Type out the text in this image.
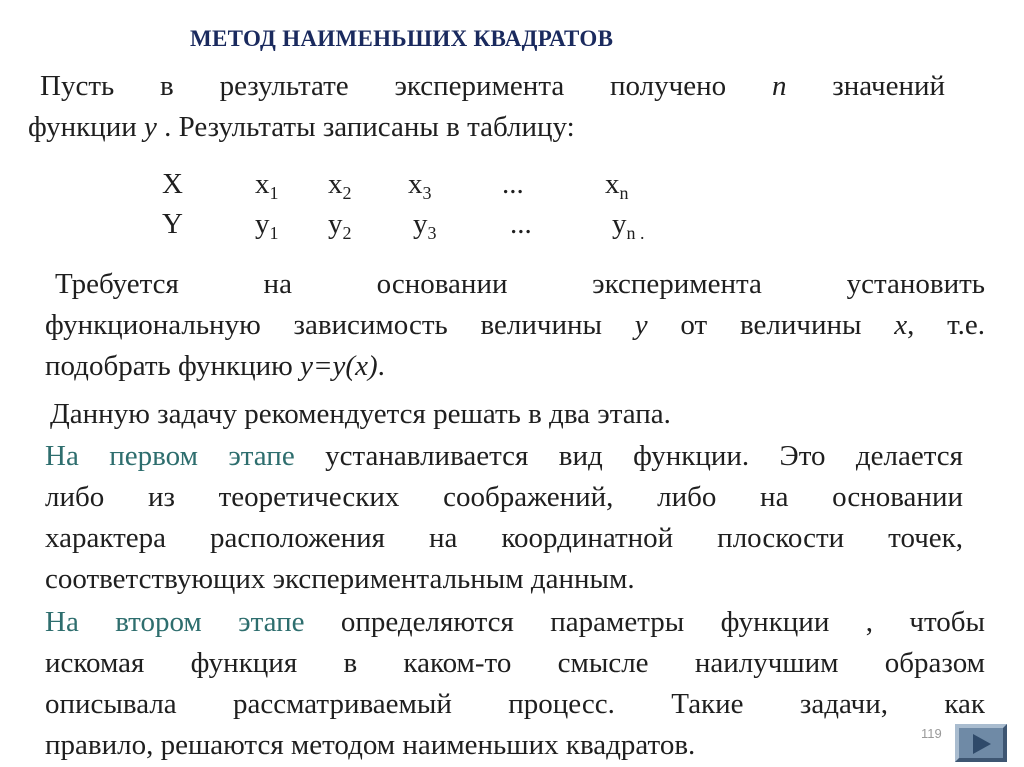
МЕТОД НАИМЕНЬШИХ КВАДРАТОВ
Пусть в результате эксперимента получено n значений
функции y . Результаты записаны в таблицу:
X $x_1$ $x_2$ $x_3$ ...	$x_n$
Y $y_1$ $y_2$ $y_3$	...	$y_{n .}$
Требуется на основании эксперимента установить
функциональную зависимость величины y от величины x, т.е.
подобрать функцию y=y(x).
Данную задачу рекомендуется решать в два этапа.
На первом этапе устанавливается вид функции. Это делается
либо из теоретических соображений, либо на основании
характера расположения на координатной плоскости точек,
соответствующих экспериментальным данным.
На втором этапе определяются параметры функции , чтобы
искомая функция в каком-то смысле наилучшим образом
описывала рассматриваемый процесс. Такие задачи, как
правило, решаются методом наименьших квадратов.	119
